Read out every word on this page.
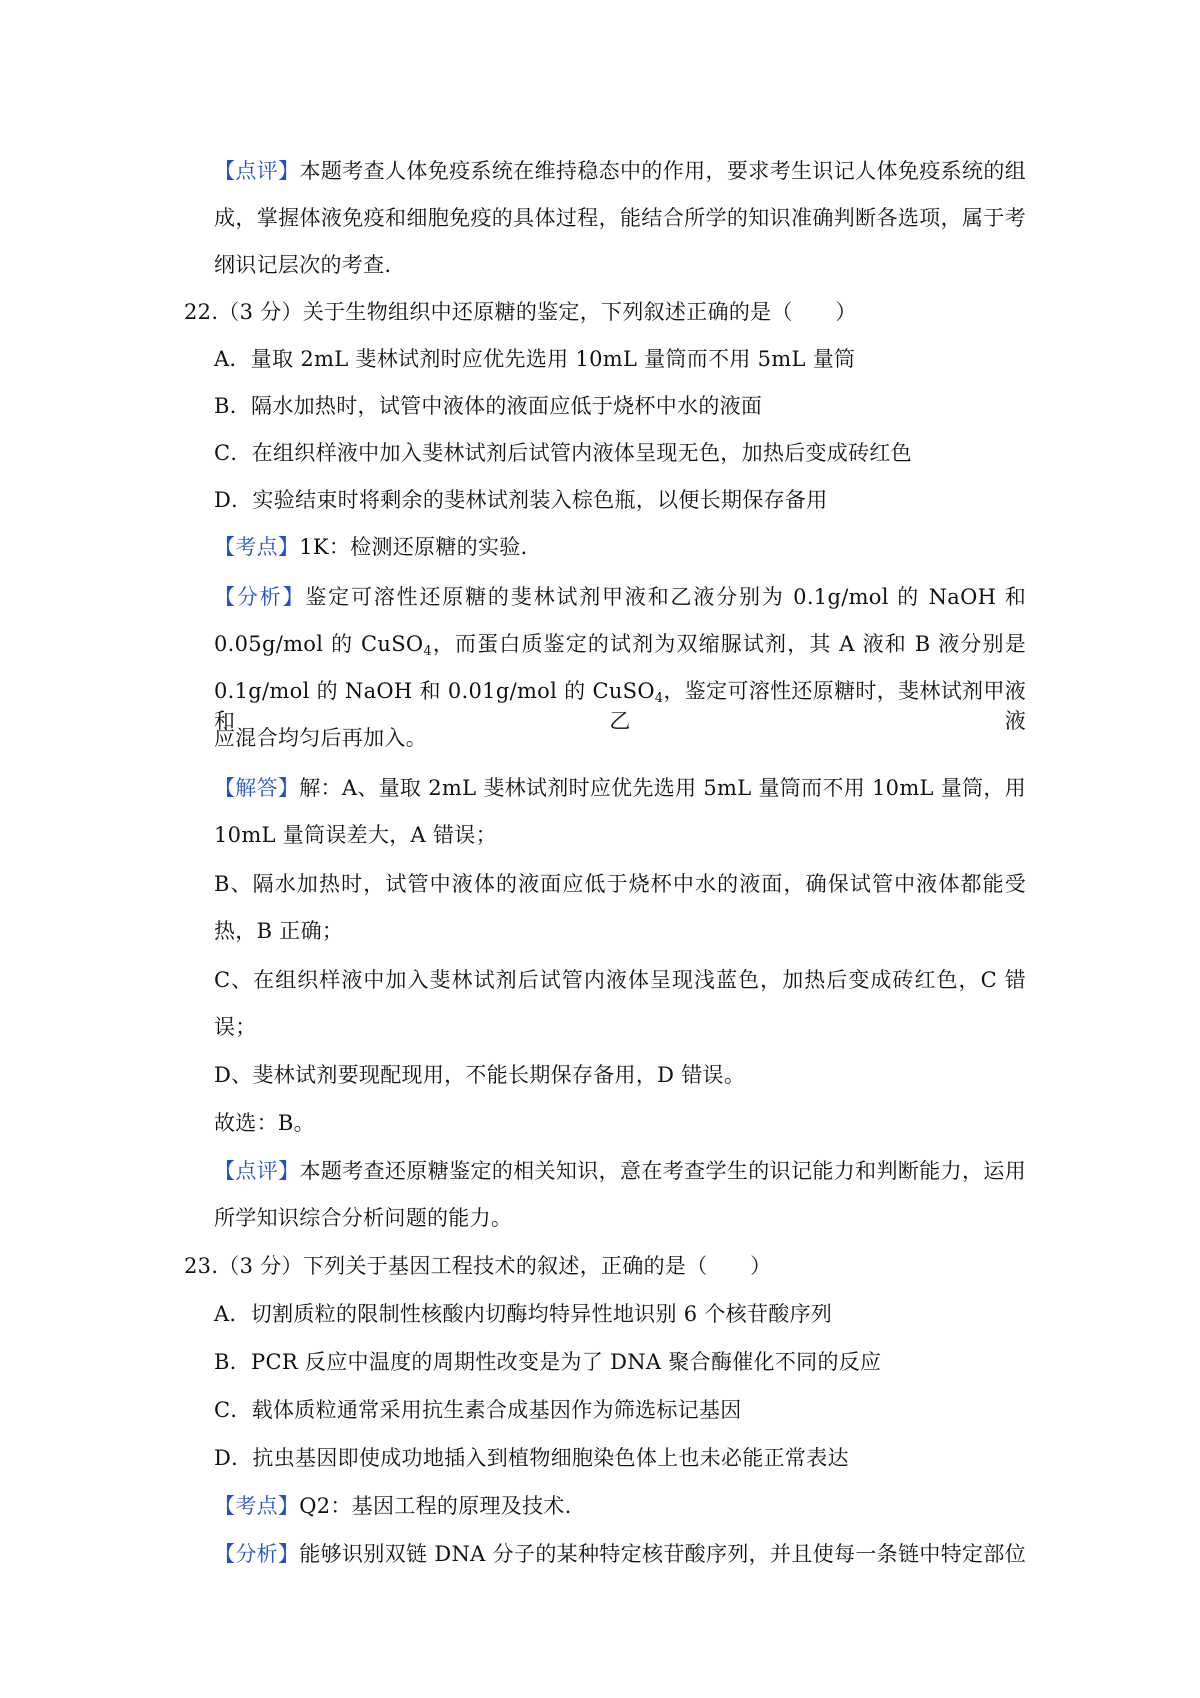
【点评】本题考查人体免疫系统在维持稳态中的作用，要求考生识记人体免疫系统的组
成，掌握体液免疫和细胞免疫的具体过程，能结合所学的知识准确判断各选项，属于考
纲识记层次的考查.
22.（3 分）关于生物组织中还原糖的鉴定，下列叙述正确的是（　　）
A．量取 2mL 斐林试剂时应优先选用 10mL 量筒而不用 5mL 量筒
B．隔水加热时，试管中液体的液面应低于烧杯中水的液面
C．在组织样液中加入斐林试剂后试管内液体呈现无色，加热后变成砖红色
D．实验结束时将剩余的斐林试剂装入棕色瓶，以便长期保存备用
【考点】1K：检测还原糖的实验.
【分析】鉴定可溶性还原糖的斐林试剂甲液和乙液分别为 0.1g/mol 的 NaOH 和
0.05g/mol 的 CuSO$_4$，而蛋白质鉴定的试剂为双缩脲试剂，其 A 液和 B 液分别是
0.1g/mol 的 NaOH 和 0.01g/mol 的 CuSO$_4$，鉴定可溶性还原糖时，斐林试剂甲液和乙液
应混合均匀后再加入。
【解答】解：A、量取 2mL 斐林试剂时应优先选用 5mL 量筒而不用 10mL 量筒，用
10mL 量筒误差大，A 错误；
B、隔水加热时，试管中液体的液面应低于烧杯中水的液面，确保试管中液体都能受
热，B 正确；
C、在组织样液中加入斐林试剂后试管内液体呈现浅蓝色，加热后变成砖红色，C 错
误；
D、斐林试剂要现配现用，不能长期保存备用，D 错误。
故选：B。
【点评】本题考查还原糖鉴定的相关知识，意在考查学生的识记能力和判断能力，运用
所学知识综合分析问题的能力。
23.（3 分）下列关于基因工程技术的叙述，正确的是（　　）
A．切割质粒的限制性核酸内切酶均特异性地识别 6 个核苷酸序列
B．PCR 反应中温度的周期性改变是为了 DNA 聚合酶催化不同的反应
C．载体质粒通常采用抗生素合成基因作为筛选标记基因
D．抗虫基因即使成功地插入到植物细胞染色体上也未必能正常表达
【考点】Q2：基因工程的原理及技术.
【分析】能够识别双链 DNA 分子的某种特定核苷酸序列，并且使每一条链中特定部位
